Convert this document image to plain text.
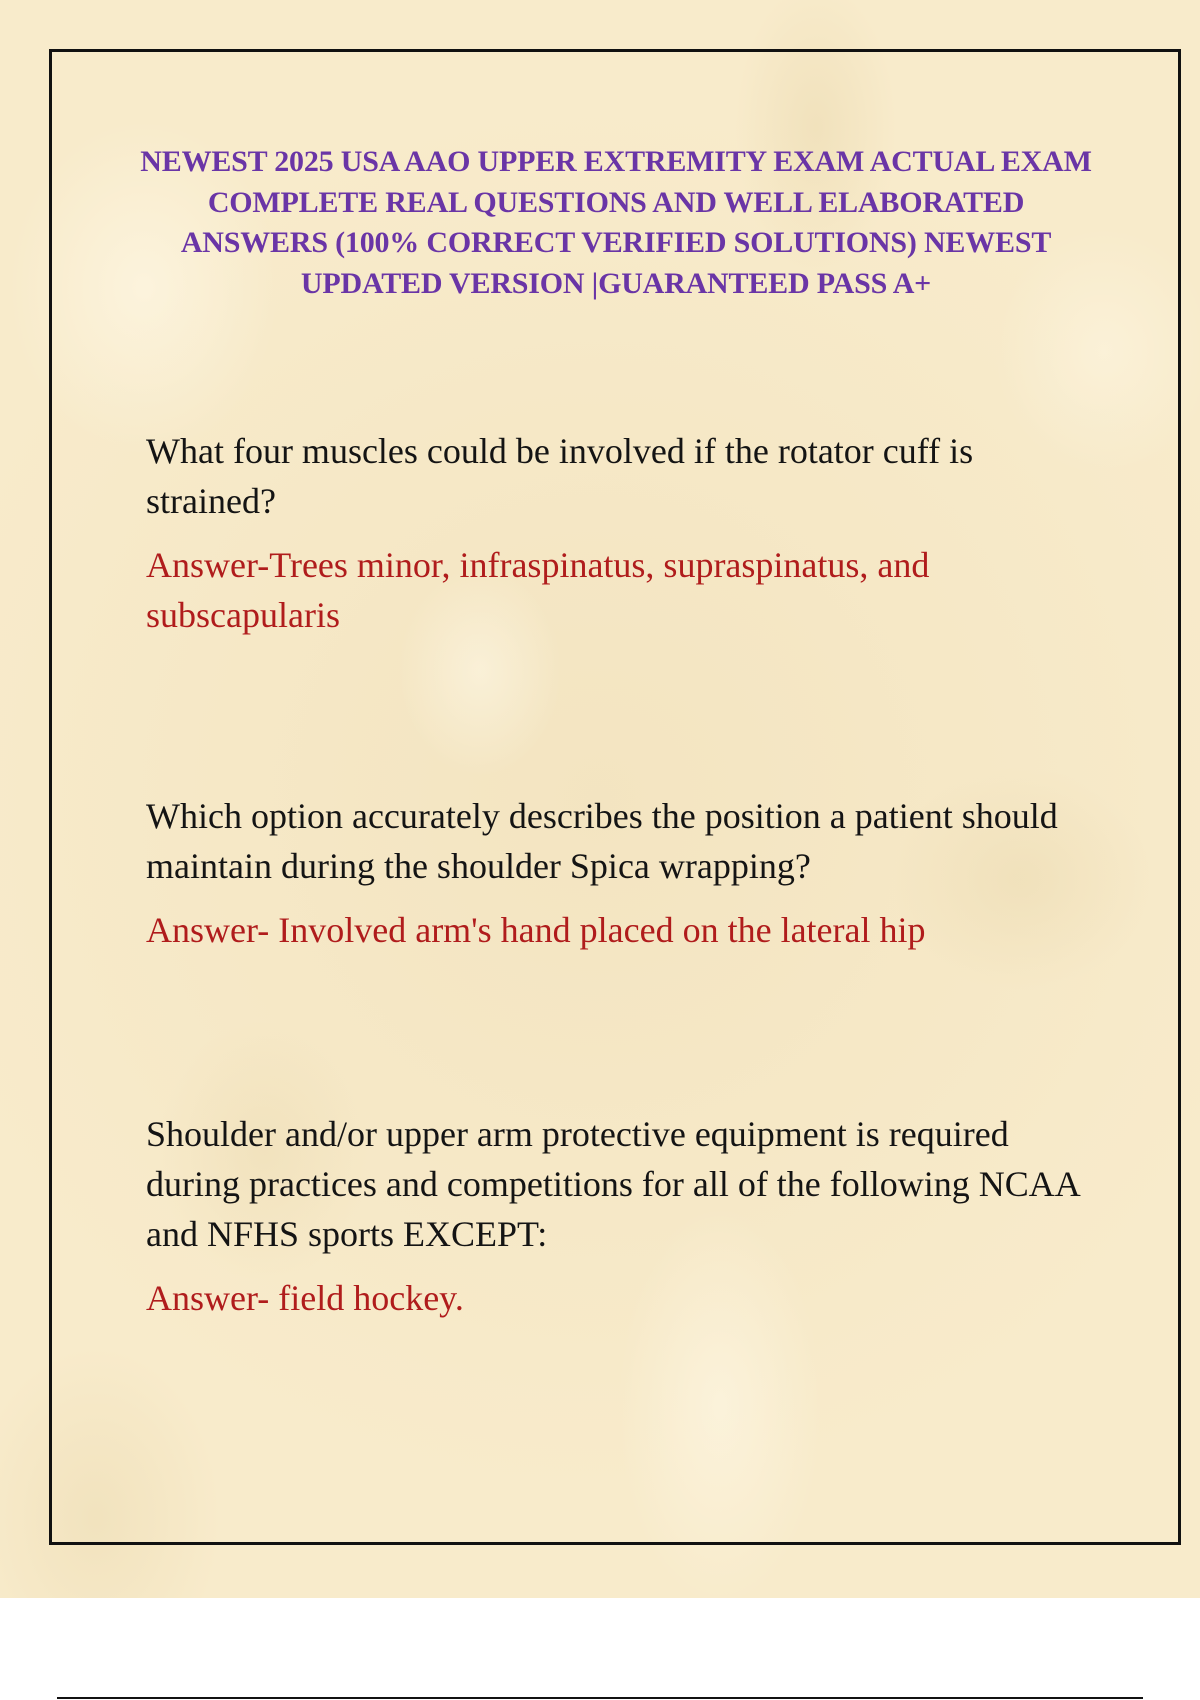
NEWEST 2025 USA AAO UPPER EXTREMITY EXAM ACTUAL EXAM COMPLETE REAL QUESTIONS AND WELL ELABORATED ANSWERS (100% CORRECT VERIFIED SOLUTIONS) NEWEST UPDATED VERSION |GUARANTEED PASS A+

What four muscles could be involved if the rotator cuff is strained?

Answer-Trees minor, infraspinatus, supraspinatus, and subscapularis

Which option accurately describes the position a patient should maintain during the shoulder Spica wrapping?

Answer- Involved arm's hand placed on the lateral hip

Shoulder and/or upper arm protective equipment is required during practices and competitions for all of the following NCAA and NFHS sports EXCEPT:

Answer- field hockey.
